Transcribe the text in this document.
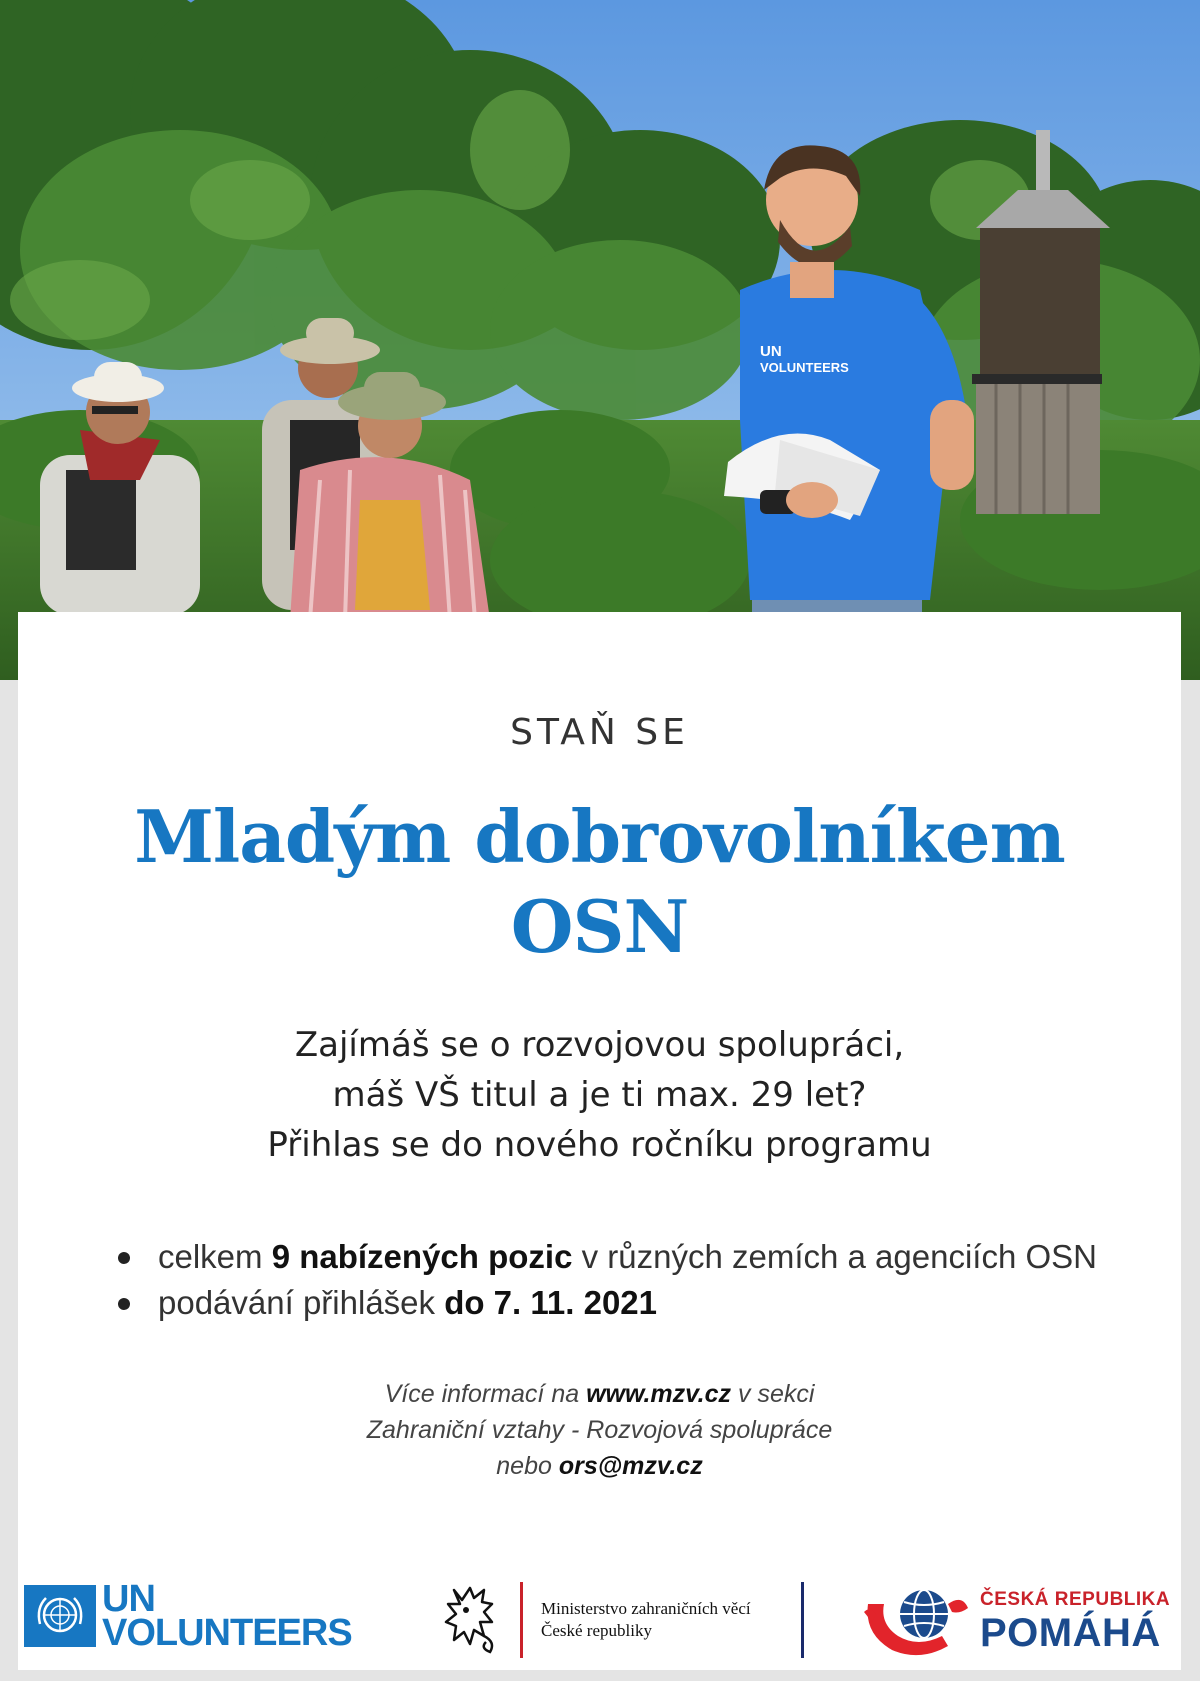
UN
VOLUNTEERS
STAŇ SE
Mladým dobrovolníkem
OSN
Zajímáš se o rozvojovou spolupráci,
máš VŠ titul a je ti max. 29 let?
Přihlas se do nového ročníku programu
celkem 9 nabízených pozic v různých zemích a agenciích OSN
podávání přihlášek do 7. 11. 2021
Více informací na www.mzv.cz v sekci
Zahraniční vztahy - Rozvojová spolupráce
nebo ors@mzv.cz
UN
VOLUNTEERS
Ministerstvo zahraničních věcí
České republiky
ČESKÁ REPUBLIKA
POMÁHÁ
